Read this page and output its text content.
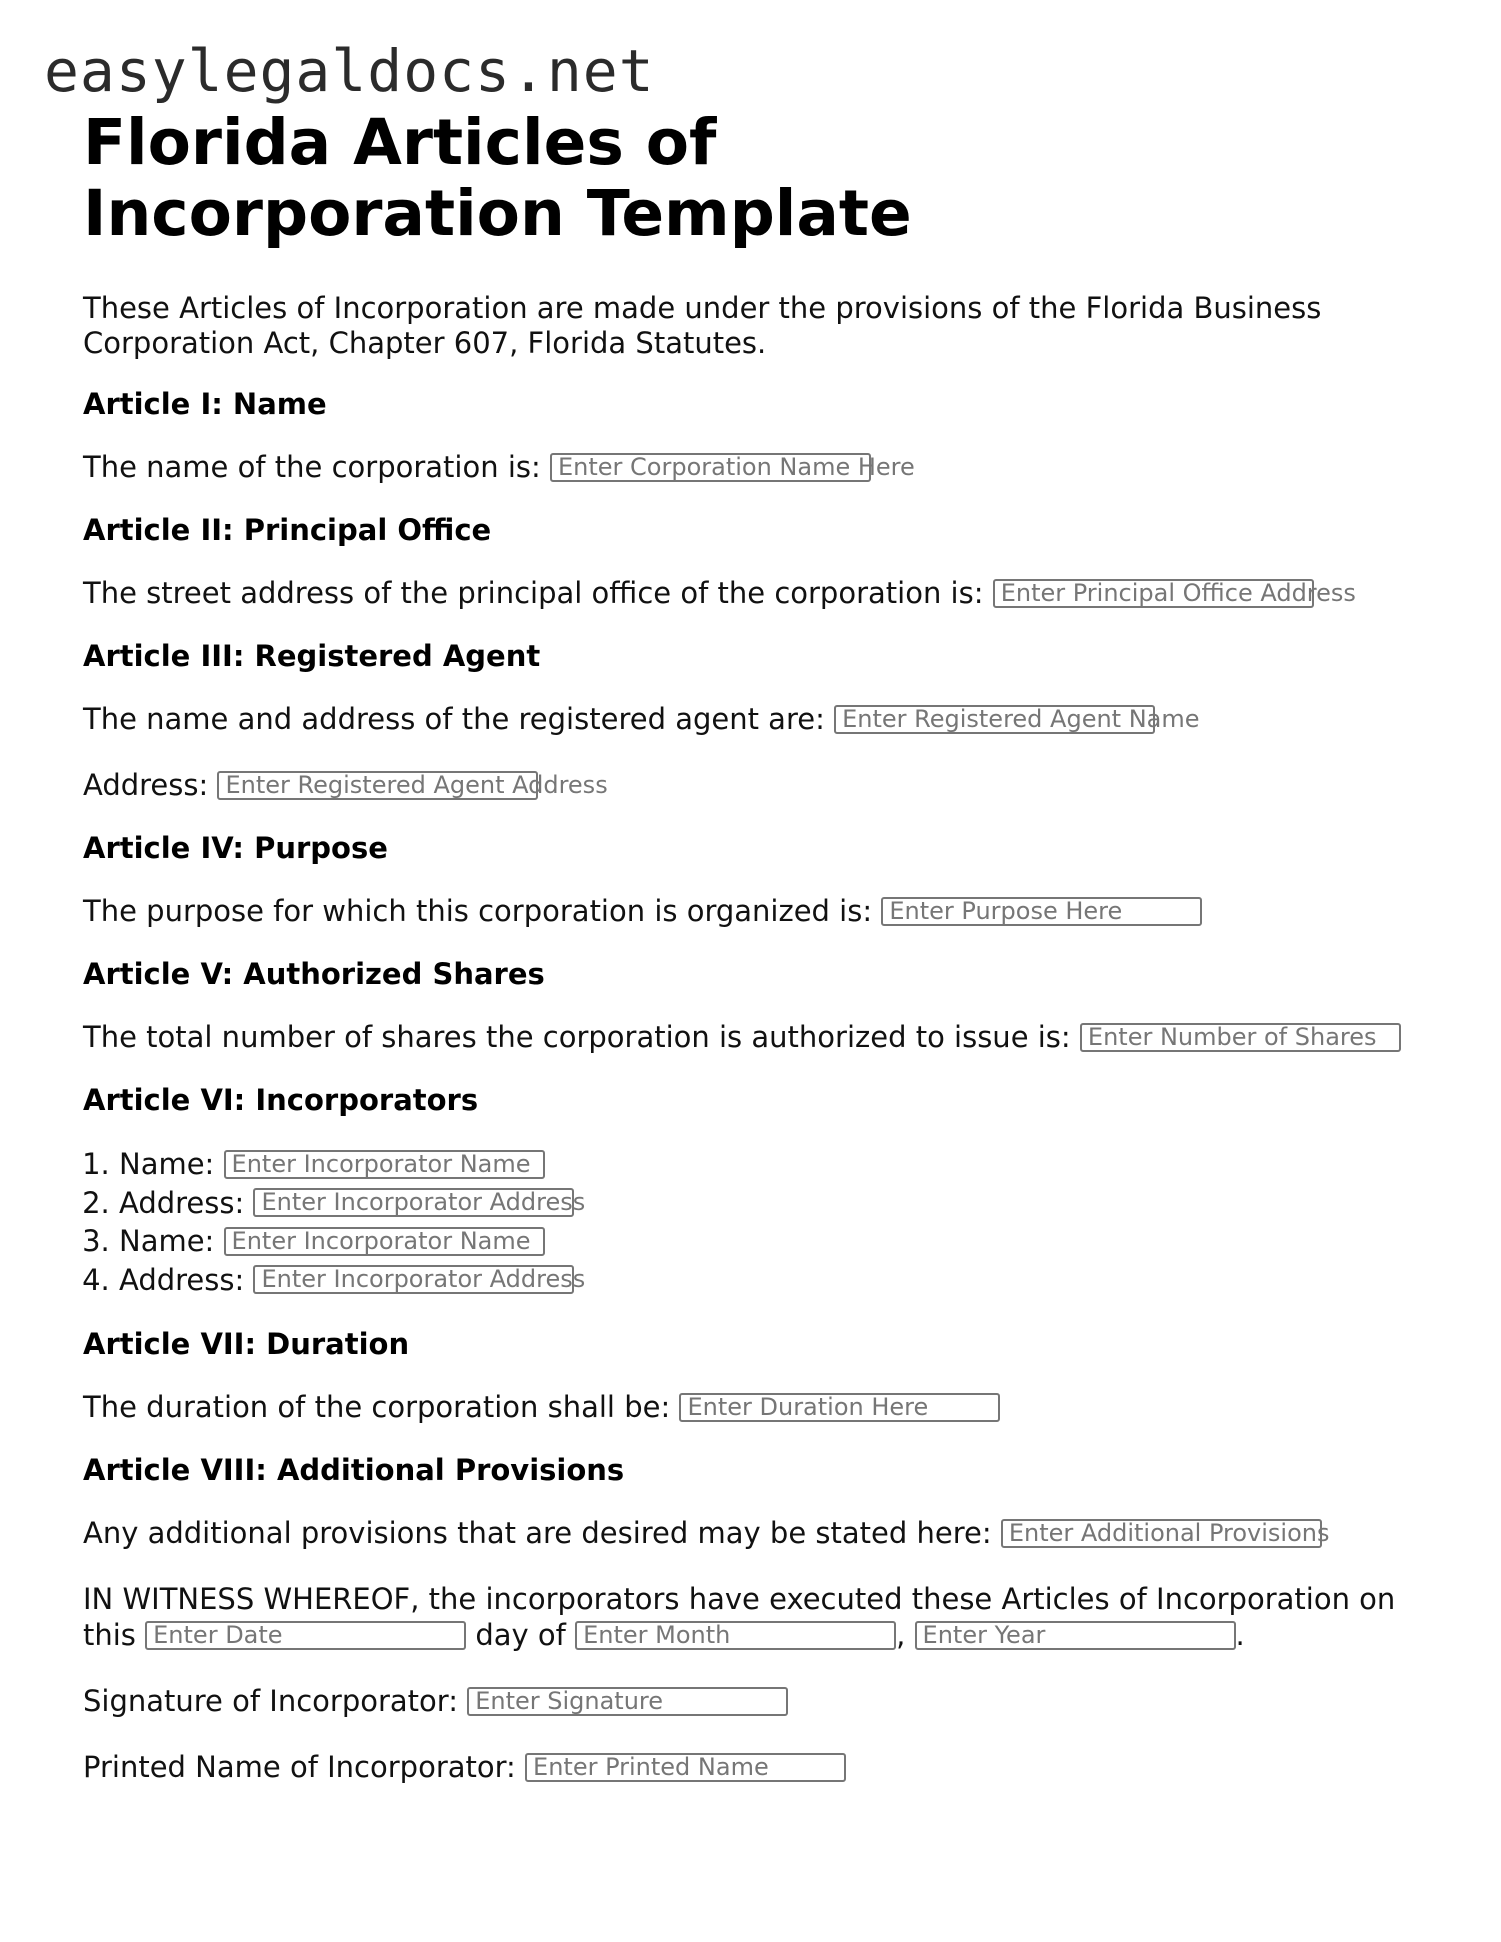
easylegaldocs.net
Florida Articles of Incorporation Template

These Articles of Incorporation are made under the provisions of the Florida Business Corporation Act, Chapter 607, Florida Statutes.

Article I: Name
The name of the corporation is: Enter Corporation Name Here
Article II: Principal Office
The street address of the principal office of the corporation is: Enter Principal Office Address
Article III: Registered Agent
The name and address of the registered agent are: Enter Registered Agent Name
Address: Enter Registered Agent Address
Article IV: Purpose
The purpose for which this corporation is organized is: Enter Purpose Here
Article V: Authorized Shares
The total number of shares the corporation is authorized to issue is: Enter Number of Shares
Article VI: Incorporators
1. Name: Enter Incorporator Name
2. Address: Enter Incorporator Address
3. Name: Enter Incorporator Name
4. Address: Enter Incorporator Address
Article VII: Duration
The duration of the corporation shall be: Enter Duration Here
Article VIII: Additional Provisions
Any additional provisions that are desired may be stated here: Enter Additional Provisions
IN WITNESS WHEREOF, the incorporators have executed these Articles of Incorporation on this Enter Date	day of Enter Month	, Enter Year	.
Signature of Incorporator: Enter Signature
Printed Name of Incorporator: Enter Printed Name
